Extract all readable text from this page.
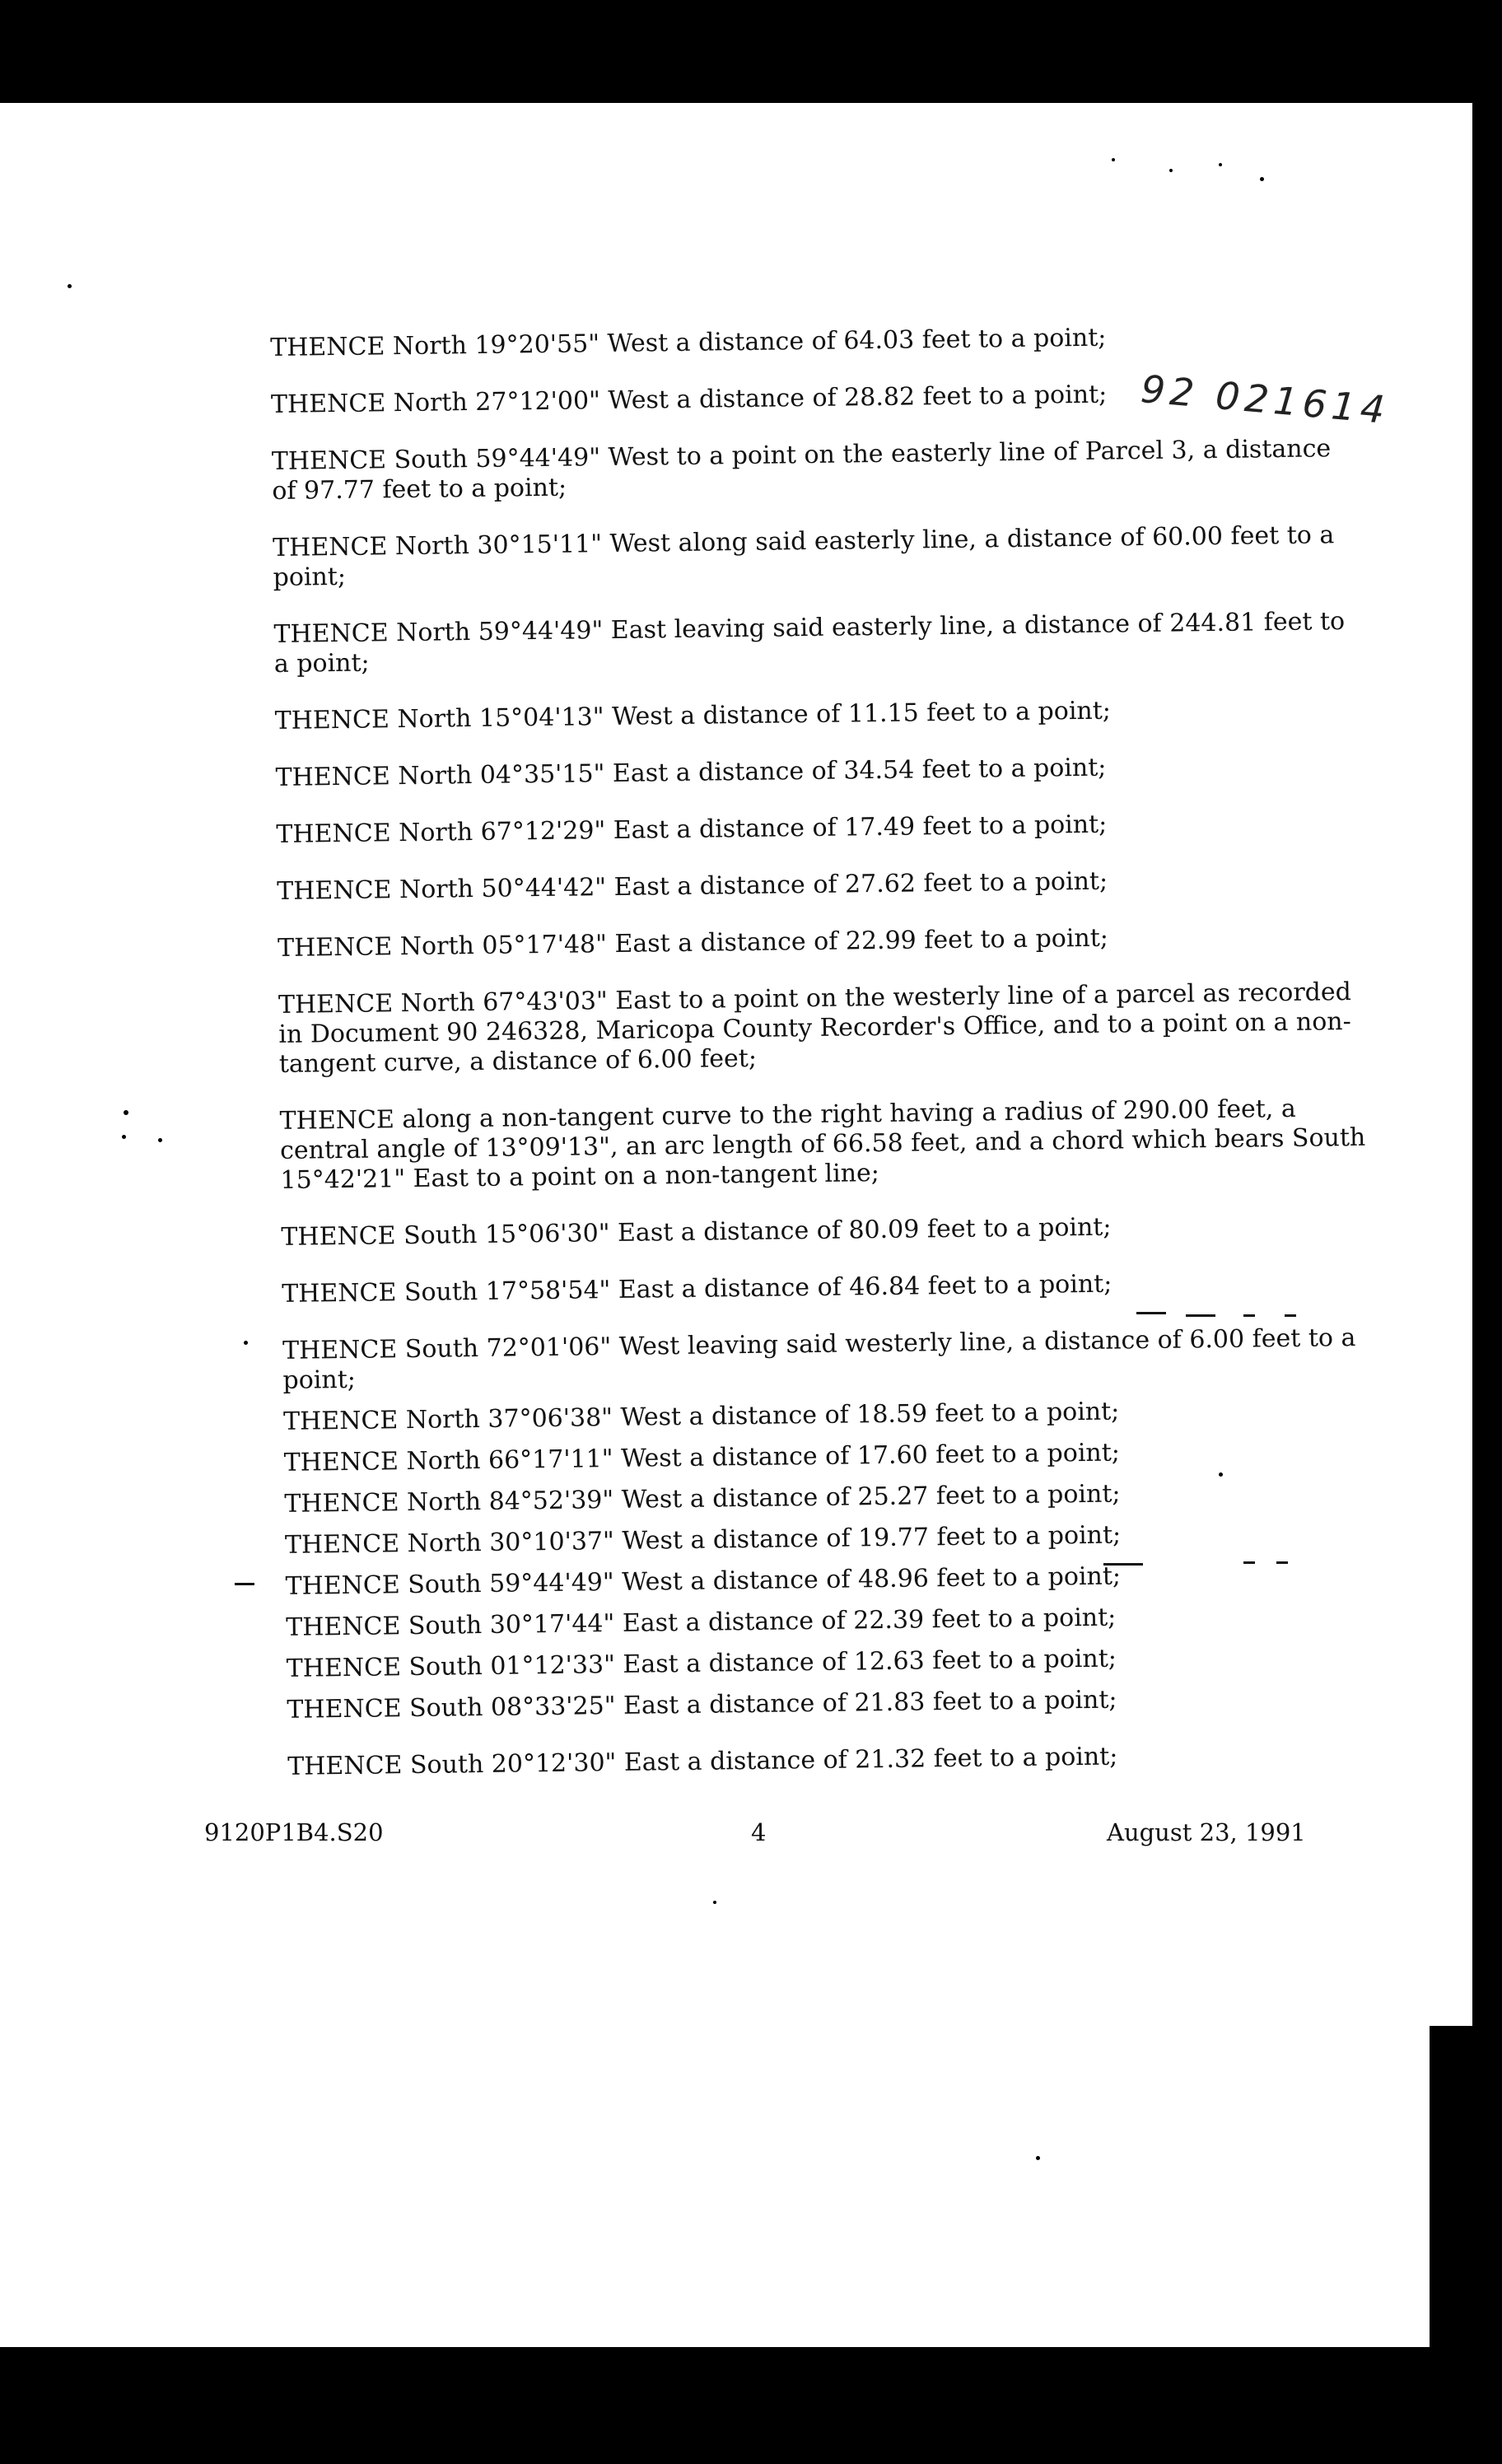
92 021614

THENCE North 19°20'55" West a distance of 64.03 feet to a point;

THENCE North 27°12'00" West a distance of 28.82 feet to a point;

THENCE South 59°44'49" West to a point on the easterly line of Parcel 3, a distance of 97.77 feet to a point;

THENCE North 30°15'11" West along said easterly line, a distance of 60.00 feet to a point;

THENCE North 59°44'49" East leaving said easterly line, a distance of 244.81 feet to a point;

THENCE North 15°04'13" West a distance of 11.15 feet to a point;

THENCE North 04°35'15" East a distance of 34.54 feet to a point;

THENCE North 67°12'29" East a distance of 17.49 feet to a point;

THENCE North 50°44'42" East a distance of 27.62 feet to a point;

THENCE North 05°17'48" East a distance of 22.99 feet to a point;

THENCE North 67°43'03" East to a point on the westerly line of a parcel as recorded in Document 90 246328, Maricopa County Recorder's Office, and to a point on a non-tangent curve, a distance of 6.00 feet;

THENCE along a non-tangent curve to the right having a radius of 290.00 feet, a central angle of 13°09'13", an arc length of 66.58 feet, and a chord which bears South 15°42'21" East to a point on a non-tangent line;

THENCE South 15°06'30" East a distance of 80.09 feet to a point;

THENCE South 17°58'54" East a distance of 46.84 feet to a point;

THENCE South 72°01'06" West leaving said westerly line, a distance of 6.00 feet to a point;

THENCE North 37°06'38" West a distance of 18.59 feet to a point;

THENCE North 66°17'11" West a distance of 17.60 feet to a point;

THENCE North 84°52'39" West a distance of 25.27 feet to a point;

THENCE North 30°10'37" West a distance of 19.77 feet to a point;

THENCE South 59°44'49" West a distance of 48.96 feet to a point;

THENCE South 30°17'44" East a distance of 22.39 feet to a point;

THENCE South 01°12'33" East a distance of 12.63 feet to a point;

THENCE South 08°33'25" East a distance of 21.83 feet to a point;

THENCE South 20°12'30" East a distance of 21.32 feet to a point;

9120P1B4.S20	4	August 23, 1991
